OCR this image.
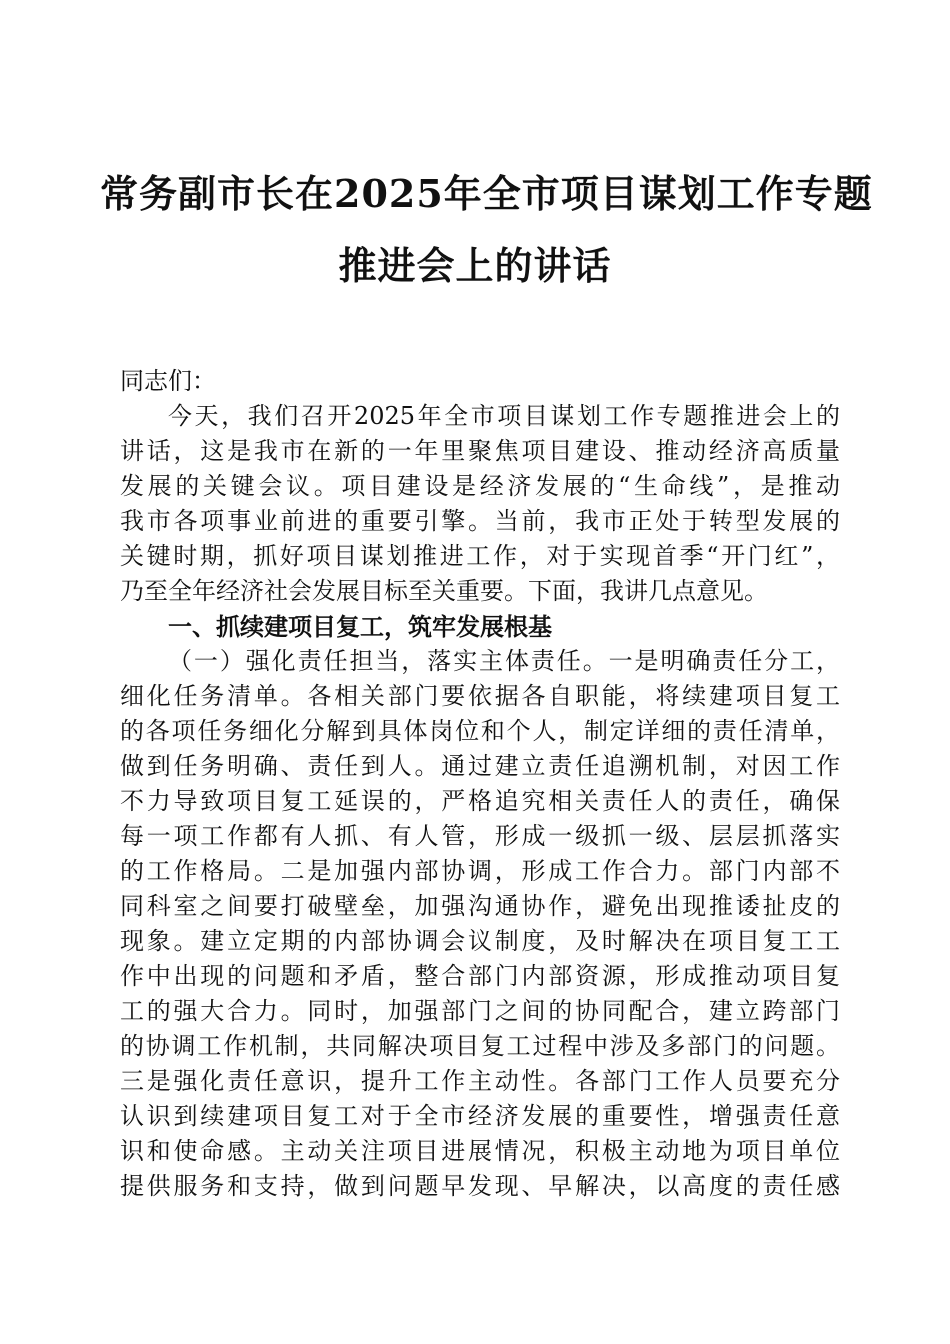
常务副市长在2025年全市项目谋划工作专题
推进会上的讲话
同志们：
今天，我们召开2025年全市项目谋划工作专题推进会上的
讲话，这是我市在新的一年里聚焦项目建设、推动经济高质量
发展的关键会议。项目建设是经济发展的“生命线”，是推动
我市各项事业前进的重要引擎。当前，我市正处于转型发展的
关键时期，抓好项目谋划推进工作，对于实现首季“开门红”，
乃至全年经济社会发展目标至关重要。下面，我讲几点意见。
一、抓续建项目复工，筑牢发展根基
（一）强化责任担当，落实主体责任。一是明确责任分工，
细化任务清单。各相关部门要依据各自职能，将续建项目复工
的各项任务细化分解到具体岗位和个人，制定详细的责任清单，
做到任务明确、责任到人。通过建立责任追溯机制，对因工作
不力导致项目复工延误的，严格追究相关责任人的责任，确保
每一项工作都有人抓、有人管，形成一级抓一级、层层抓落实
的工作格局。二是加强内部协调，形成工作合力。部门内部不
同科室之间要打破壁垒，加强沟通协作，避免出现推诿扯皮的
现象。建立定期的内部协调会议制度，及时解决在项目复工工
作中出现的问题和矛盾，整合部门内部资源，形成推动项目复
工的强大合力。同时，加强部门之间的协同配合，建立跨部门
的协调工作机制，共同解决项目复工过程中涉及多部门的问题。
三是强化责任意识，提升工作主动性。各部门工作人员要充分
认识到续建项目复工对于全市经济发展的重要性，增强责任意
识和使命感。主动关注项目进展情况，积极主动地为项目单位
提供服务和支持，做到问题早发现、早解决，以高度的责任感
